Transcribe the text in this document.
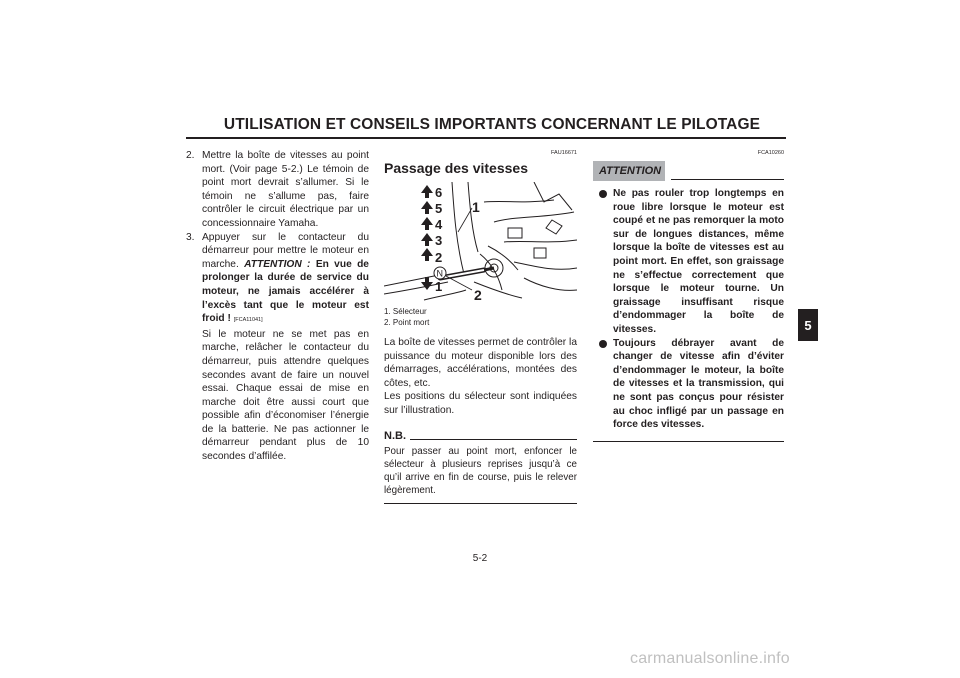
UTILISATION ET CONSEILS IMPORTANTS CONCERNANT LE PILOTAGE
5
2. Mettre la boîte de vitesses au point mort. (Voir page 5-2.) Le témoin de point mort devrait s’allumer. Si le témoin ne s’allume pas, faire contrôler le circuit électrique par un concessionnaire Yamaha.
3. Appuyer sur le contacteur du démarreur pour mettre le moteur en marche. ATTENTION : En vue de prolonger la durée de service du moteur, ne jamais accélérer à l’excès tant que le moteur est froid ! [FCA11041]
Si le moteur ne se met pas en marche, relâcher le contacteur du démarreur, puis attendre quelques secondes avant de faire un nouvel essai. Chaque essai de mise en marche doit être aussi court que possible afin d’économiser l’énergie de la batterie. Ne pas actionner le démarreur pendant plus de 10 secondes d’affilée.
FAU16671
Passage des vitesses
6
5
4
3
2
1
1
2
N
1. Sélecteur
2. Point mort
La boîte de vitesses permet de contrôler la puissance du moteur disponible lors des démarrages, accélérations, montées des côtes, etc.
Les positions du sélecteur sont indiquées sur l’illustration.
N.B.
Pour passer au point mort, enfoncer le sélecteur à plusieurs reprises jusqu’à ce qu’il arrive en fin de course, puis le relever légèrement.
FCA10260
ATTENTION
Ne pas rouler trop longtemps en roue libre lorsque le moteur est coupé et ne pas remorquer la moto sur de longues distances, même lorsque la boîte de vitesses est au point mort. En effet, son graissage ne s’effectue correctement que lorsque le moteur tourne. Un graissage insuffisant risque d’endommager la boîte de vitesses.
Toujours débrayer avant de changer de vitesse afin d’éviter d’endommager le moteur, la boîte de vitesses et la transmission, qui ne sont pas conçus pour résister au choc infligé par un passage en force des vitesses.
5-2
carmanualsonline.info
